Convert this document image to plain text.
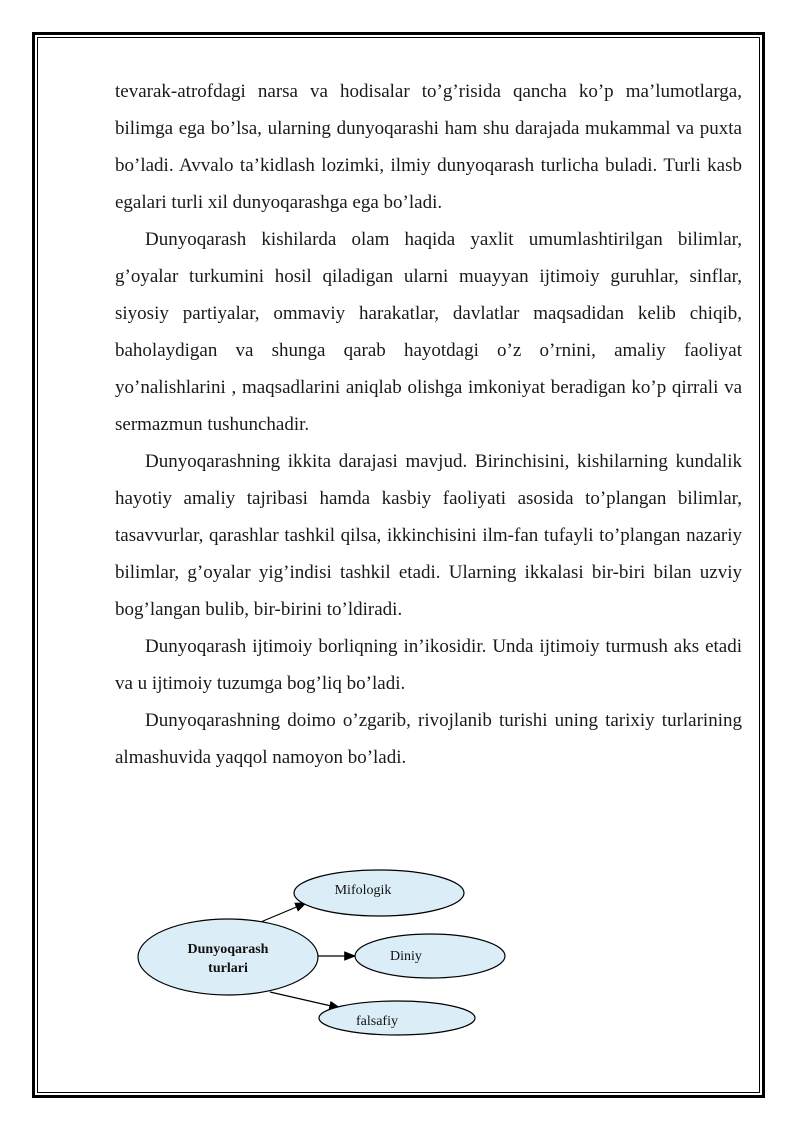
tevarak-atrofdagi narsa va hodisalar to’g’risida qancha ko’p ma’lumotlarga, bilimga ega bo’lsa, ularning dunyoqarashi ham shu darajada mukammal va puxta bo’ladi. Avvalo ta’kidlash lozimki, ilmiy dunyoqarash turlicha buladi. Turli kasb egalari turli xil dunyoqarashga ega bo’ladi.

Dunyoqarash kishilarda olam haqida yaxlit umumlashtirilgan bilimlar, g’oyalar turkumini hosil qiladigan ularni muayyan ijtimoiy guruhlar, sinflar, siyosiy partiyalar, ommaviy harakatlar, davlatlar maqsadidan kelib chiqib, baholaydigan va shunga qarab hayotdagi o’z o’rnini, amaliy faoliyat yo’nalishlarini , maqsadlarini aniqlab olishga imkoniyat beradigan ko’p qirrali va sermazmun tushunchadir.

Dunyoqarashning ikkita darajasi mavjud. Birinchisini, kishilarning kundalik hayotiy amaliy tajribasi hamda kasbiy faoliyati asosida to’plangan bilimlar, tasavvurlar, qarashlar tashkil qilsa, ikkinchisini ilm-fan tufayli to’plangan nazariy bilimlar, g’oyalar yig’indisi tashkil etadi. Ularning ikkalasi bir-biri bilan uzviy bog’langan bulib, bir-birini to’ldiradi.

Dunyoqarash ijtimoiy borliqning in’ikosidir. Unda ijtimoiy turmush aks etadi va u ijtimoiy tuzumga bog’liq bo’ladi.

Dunyoqarashning doimo o’zgarib, rivojlanib turishi uning tarixiy turlarining almashuvida yaqqol namoyon bo’ladi.

Dunyoqarash
turlari
Mifologik
Diniy
falsafiy
